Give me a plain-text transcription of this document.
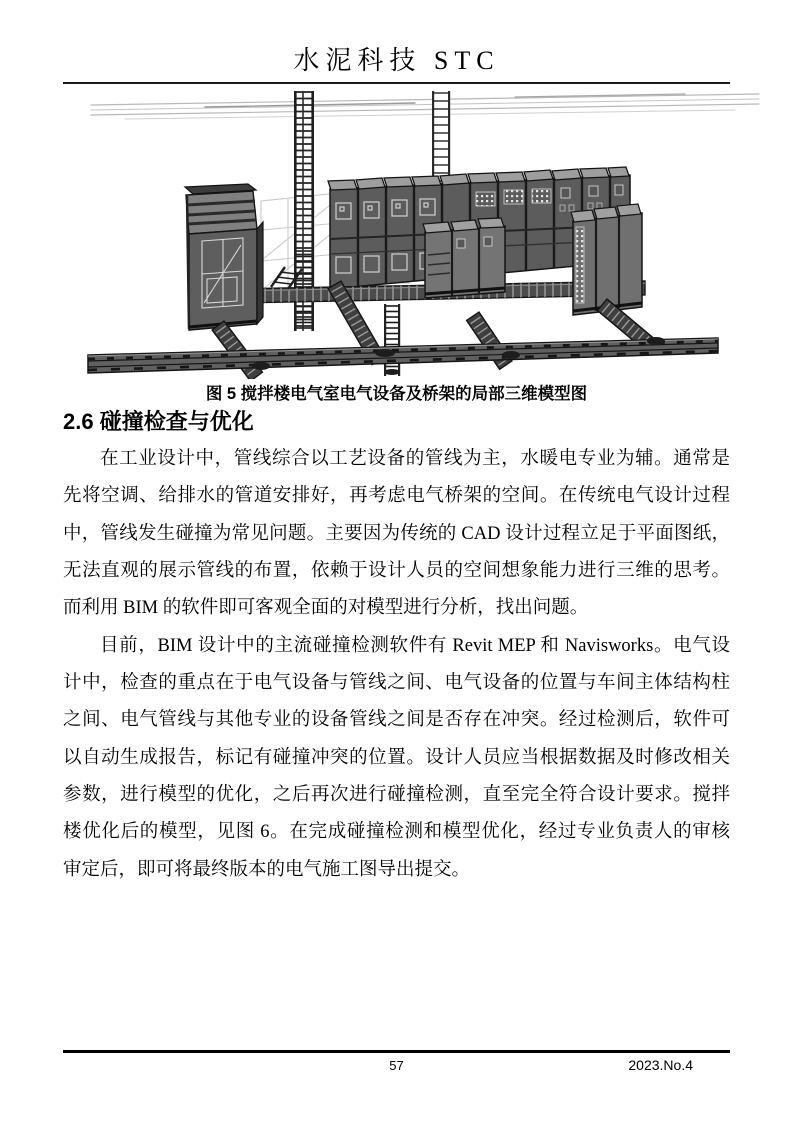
水泥科技 STC
图 5 搅拌楼电气室电气设备及桥架的局部三维模型图
2.6 碰撞检查与优化
在工业设计中，管线综合以工艺设备的管线为主，水暖电专业为辅。通常是
先将空调、给排水的管道安排好，再考虑电气桥架的空间。在传统电气设计过程
中，管线发生碰撞为常见问题。主要因为传统的 CAD 设计过程立足于平面图纸，
无法直观的展示管线的布置，依赖于设计人员的空间想象能力进行三维的思考。
而利用 BIM 的软件即可客观全面的对模型进行分析，找出问题。
目前，BIM 设计中的主流碰撞检测软件有 Revit MEP 和 Navisworks。电气设
计中，检查的重点在于电气设备与管线之间、电气设备的位置与车间主体结构柱
之间、电气管线与其他专业的设备管线之间是否存在冲突。经过检测后，软件可
以自动生成报告，标记有碰撞冲突的位置。设计人员应当根据数据及时修改相关
参数，进行模型的优化，之后再次进行碰撞检测，直至完全符合设计要求。搅拌
楼优化后的模型，见图 6。在完成碰撞检测和模型优化，经过专业负责人的审核
审定后，即可将最终版本的电气施工图导出提交。
57	2023.No.4
